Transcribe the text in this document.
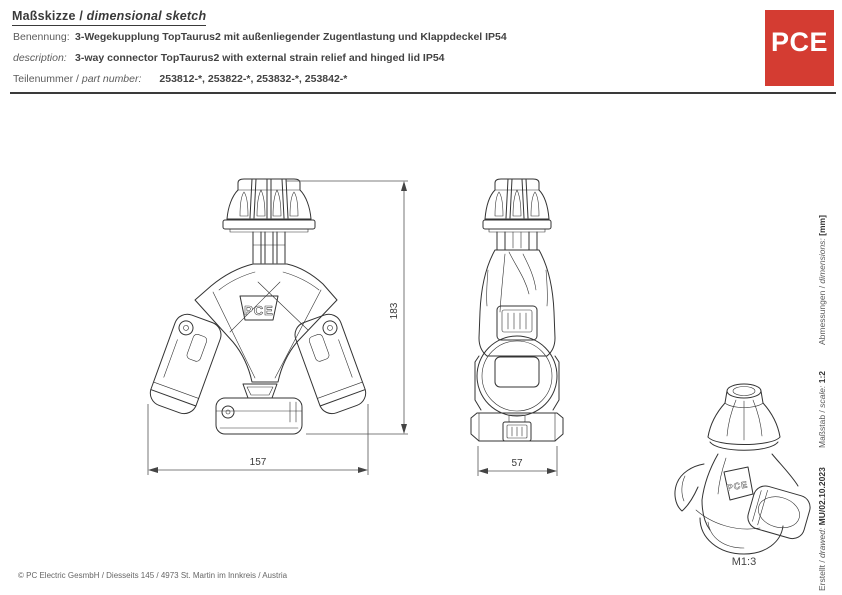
Maßskizze / dimensional sketch
Benennung: 3-Wegekupplung TopTaurus2 mit außenliegender Zugentlastung und Klappdeckel IP54
description: 3-way connector TopTaurus2 with external strain relief and hinged lid IP54
Teilenummer / part number: 253812-*, 253822-*, 253832-*, 253842-*
PCE
PCE	183
157	57
PCE
M1:3
Abmessungen / dimensions: [mm]
Maßstab / scale: 1:2
Erstellt / drawed: MU/02.10.2023
© PC Electric GesmbH / Diesseits 145 / 4973 St. Martin im Innkreis / Austria
